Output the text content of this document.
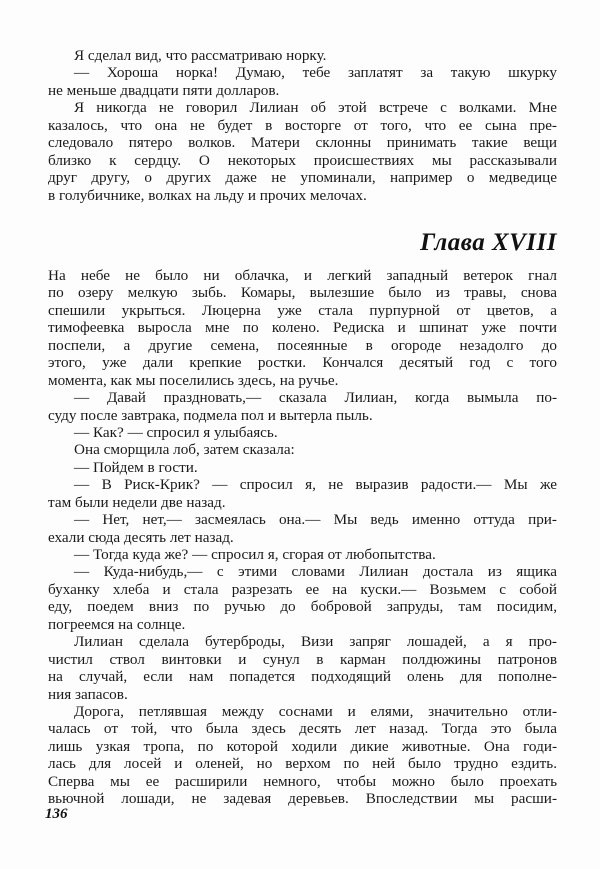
Я сделал вид, что рассматриваю норку.
— Хороша норка! Думаю, тебе заплатят за такую шкурку
не меньше двадцати пяти долларов.
Я никогда не говорил Лилиан об этой встрече с волками. Мне
казалось, что она не будет в восторге от того, что ее сына пре-
следовало пятеро волков. Матери склонны принимать такие вещи
близко к сердцу. О некоторых происшествиях мы рассказывали
друг другу, о других даже не упоминали, например о медведице
в голубичнике, волках на льду и прочих мелочах.
Глава XVIII
На небе не было ни облачка, и легкий западный ветерок гнал
по озеру мелкую зыбь. Комары, вылезшие было из травы, снова
спешили укрыться. Люцерна уже стала пурпурной от цветов, а
тимофеевка выросла мне по колено. Редиска и шпинат уже почти
поспели, а другие семена, посеянные в огороде незадолго до
этого, уже дали крепкие ростки. Кончался десятый год с того
момента, как мы поселились здесь, на ручье.
— Давай праздновать,— сказала Лилиан, когда вымыла по-
суду после завтрака, подмела пол и вытерла пыль.
— Как? — спросил я улыбаясь.
Она сморщила лоб, затем сказала:
— Пойдем в гости.
— В Риск-Крик? — спросил я, не выразив радости.— Мы же
там были недели две назад.
— Нет, нет,— засмеялась она.— Мы ведь именно оттуда при-
ехали сюда десять лет назад.
— Тогда куда же? — спросил я, сгорая от любопытства.
— Куда-нибудь,— с этими словами Лилиан достала из ящика
буханку хлеба и стала разрезать ее на куски.— Возьмем с собой
еду, поедем вниз по ручью до бобровой запруды, там посидим,
погреемся на солнце.
Лилиан сделала бутерброды, Визи запряг лошадей, а я про-
чистил ствол винтовки и сунул в карман полдюжины патронов
на случай, если нам попадется подходящий олень для пополне-
ния запасов.
Дорога, петлявшая между соснами и елями, значительно отли-
чалась от той, что была здесь десять лет назад. Тогда это была
лишь узкая тропа, по которой ходили дикие животные. Она годи-
лась для лосей и оленей, но верхом по ней было трудно ездить.
Сперва мы ее расширили немного, чтобы можно было проехать
вьючной лошади, не задевая деревьев. Впоследствии мы расши-
136
